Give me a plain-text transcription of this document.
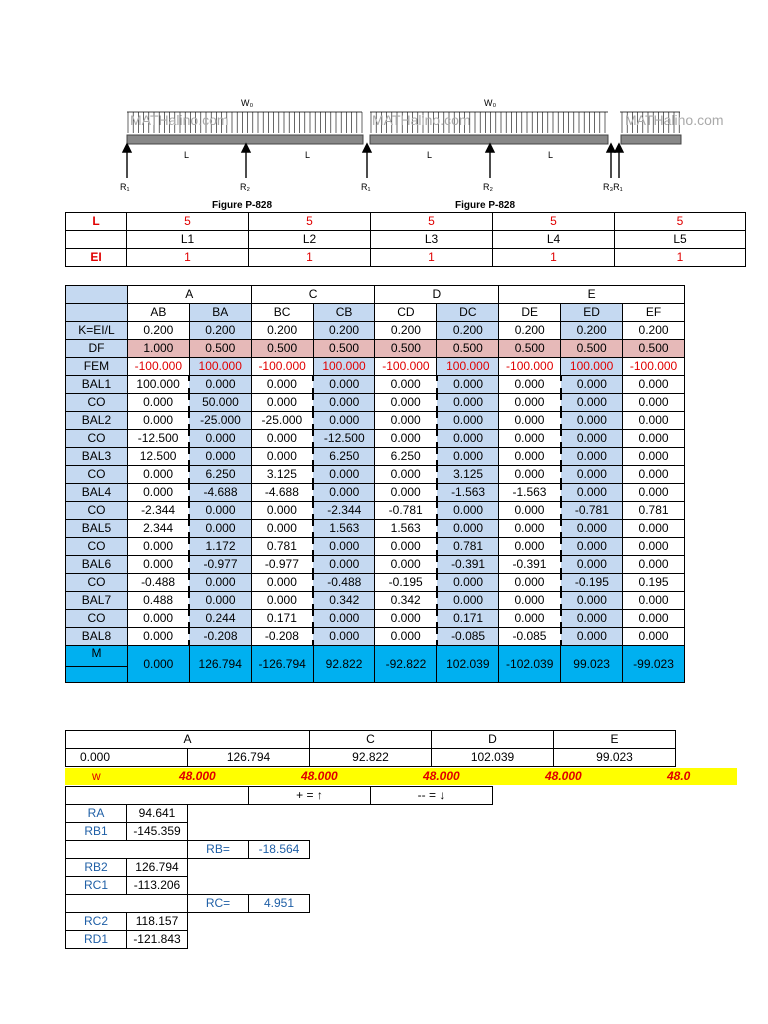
W₀	W₀
MATHalino.com	MATHalino.com	MATHalino.com
L	L	L	L
R₁	R₂	R₁	R₂	R₃R₁
Figure P-828	Figure P-828
L	5	5	5	5	5
	L1	L2	L3	L4	L5
EI	1	1	1	1	1
	A		C		D		E		
	AB	BA	BC	CB	CD	DC	DE	ED	EF
K=EI/L	0.200	0.200	0.200	0.200	0.200	0.200	0.200	0.200	0.200
DF	1.000	0.500	0.500	0.500	0.500	0.500	0.500	0.500	0.500
FEM	-100.000	100.000	-100.000	100.000	-100.000	100.000	-100.000	100.000	-100.000
BAL1	100.000	0.000	0.000	0.000	0.000	0.000	0.000	0.000	0.000
CO	0.000	50.000	0.000	0.000	0.000	0.000	0.000	0.000	0.000
BAL2	0.000	-25.000	-25.000	0.000	0.000	0.000	0.000	0.000	0.000
CO	-12.500	0.000	0.000	-12.500	0.000	0.000	0.000	0.000	0.000
BAL3	12.500	0.000	0.000	6.250	6.250	0.000	0.000	0.000	0.000
CO	0.000	6.250	3.125	0.000	0.000	3.125	0.000	0.000	0.000
BAL4	0.000	-4.688	-4.688	0.000	0.000	-1.563	-1.563	0.000	0.000
CO	-2.344	0.000	0.000	-2.344	-0.781	0.000	0.000	-0.781	0.781
BAL5	2.344	0.000	0.000	1.563	1.563	0.000	0.000	0.000	0.000
CO	0.000	1.172	0.781	0.000	0.000	0.781	0.000	0.000	0.000
BAL6	0.000	-0.977	-0.977	0.000	0.000	-0.391	-0.391	0.000	0.000
CO	-0.488	0.000	0.000	-0.488	-0.195	0.000	0.000	-0.195	0.195
BAL7	0.488	0.000	0.000	0.342	0.342	0.000	0.000	0.000	0.000
CO	0.000	0.244	0.171	0.000	0.000	0.171	0.000	0.000	0.000
BAL8	0.000	-0.208	-0.208	0.000	0.000	-0.085	-0.085	0.000	0.000
M	0.000	126.794	-126.794	92.822	-92.822	102.039	-102.039	99.023	-99.023

A		C	D	E
0.000	126.794	92.822	102.039	99.023
w	48.000	48.000	48.000	48.000	48.0
	+ = ↑	-- = ↓
RA	94.641		
RB1	-145.359		
		RB=	-18.564
RB2	126.794		
RC1	-113.206		
		RC=	4.951
RC2	118.157		
RD1	-121.843		
